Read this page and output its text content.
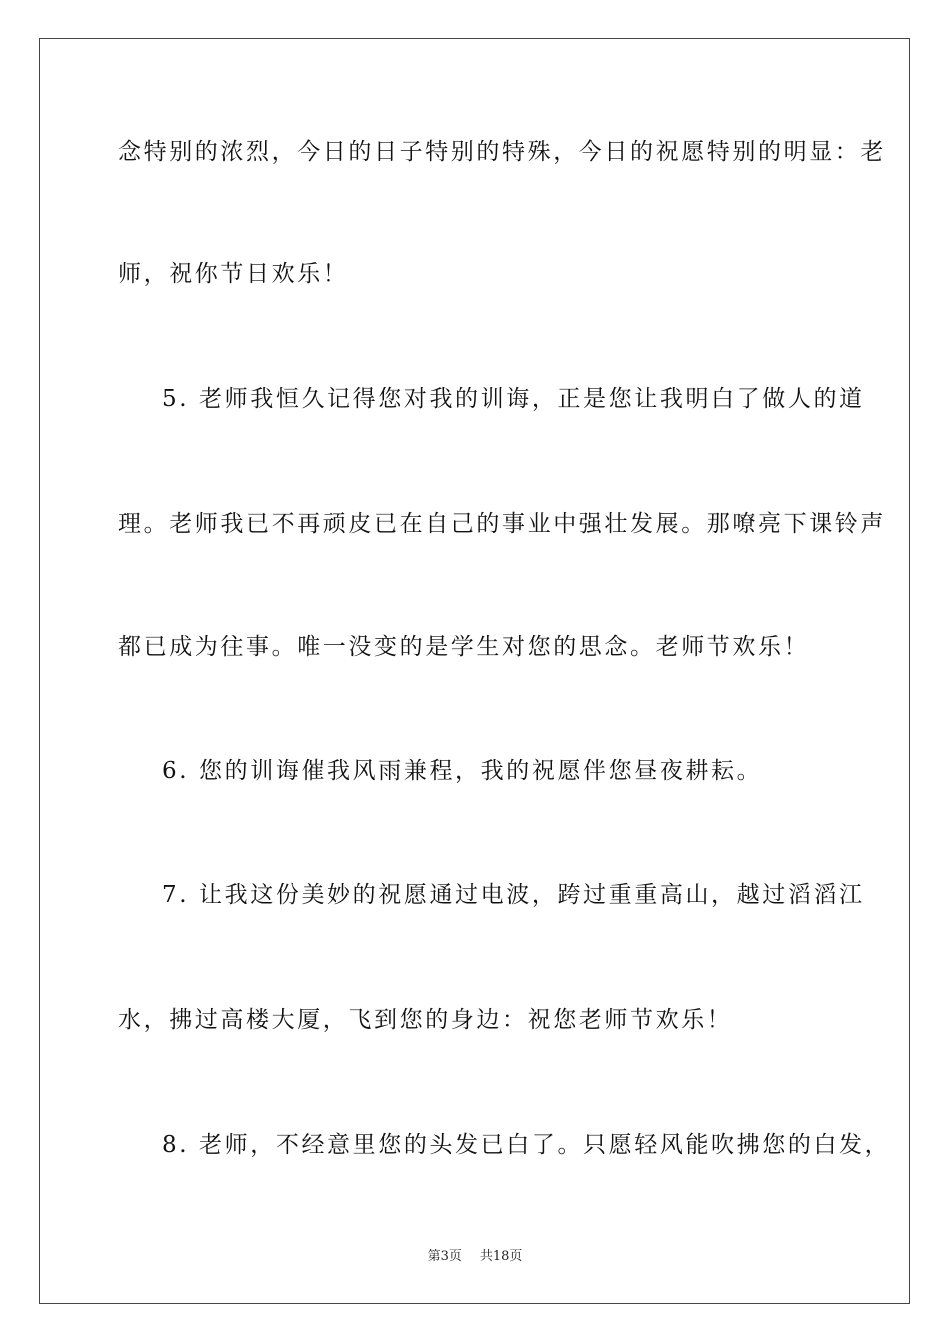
念特别的浓烈，今日的日子特别的特殊，今日的祝愿特别的明显：老
师，祝你节日欢乐！
5. 老师我恒久记得您对我的训诲，正是您让我明白了做人的道
理。老师我已不再顽皮已在自己的事业中强壮发展。那嘹亮下课铃声
都已成为往事。唯一没变的是学生对您的思念。老师节欢乐！
6. 您的训诲催我风雨兼程，我的祝愿伴您昼夜耕耘。
7. 让我这份美妙的祝愿通过电波，跨过重重高山，越过滔滔江
水，拂过高楼大厦，飞到您的身边：祝您老师节欢乐！
8. 老师，不经意里您的头发已白了。只愿轻风能吹拂您的白发，
第3页 共18页
